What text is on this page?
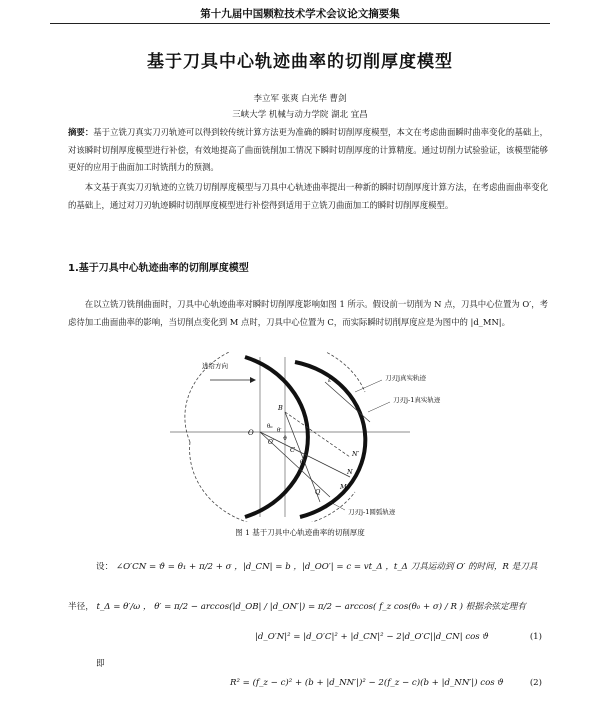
第十九届中国颗粒技术学术会议论文摘要集
基于刀具中心轨迹曲率的切削厚度模型
李立军 张爽 白光华 曹剑
三峡大学 机械与动力学院 湖北 宜昌
摘要：基于立铣刀真实刀刃轨迹可以得到较传统计算方法更为准确的瞬时切削厚度模型，本文在考虑曲面瞬时曲率变化的基础上，对该瞬时切削厚度模型进行补偿，有效地提高了曲面铣削加工情况下瞬时切削厚度的计算精度。通过切削力试验验证，该模型能够更好的应用于曲面加工时铣削力的预测。
本文基于真实刀刃轨迹的立铣刀切削厚度模型与刀具中心轨迹曲率提出一种新的瞬时切削厚度计算方法，在考虑曲面曲率变化的基础上，通过对刀刃轨迹瞬时切削厚度模型进行补偿得到适用于立铣刀曲面加工的瞬时切削厚度模型。
1.基于刀具中心轨迹曲率的切削厚度模型
在以立铣刀铣削曲面时，刀具中心轨迹曲率对瞬时切削厚度影响如图 1 所示。假设前一切削为 N 点，刀具中心位置为 O′，考虑待加工曲面曲率的影响，当切削点变化到 M 点时，刀具中心位置为 C，而实际瞬时切削厚度应是为图中的 |d_MN|。
进给方向
刀刃j真实轨迹
刀刃j-1真实轨迹
刀刃j-1圆弧轨迹
O
O′
B
C	N′
N
M
Q
θ₀
θ′
θ₁
ϑ
ε
图 1 基于刀具中心轨迹曲率的切削厚度
设： ∠O′CN = ϑ = θ₁ + π/2 + σ ，|d_CN| = b ，|d_OO′| = c = vt_Δ ，t_Δ 刀具运动到 O′ 的时间，R 是刀具
半径， t_Δ = θ′/ω ， θ′ = π/2 − arccos(|d_OB| / |d_ON′|) = π/2 − arccos( f_z cos(θ₀ + σ) / R ) 根据余弦定理有
|d_O′N|² = |d_O′C|² + |d_CN|² − 2|d_O′C||d_CN| cos ϑ	(1)
即
R² = (f_z − c)² + (b + |d_NN′|)² − 2(f_z − c)(b + |d_NN′|) cos ϑ	(2)
